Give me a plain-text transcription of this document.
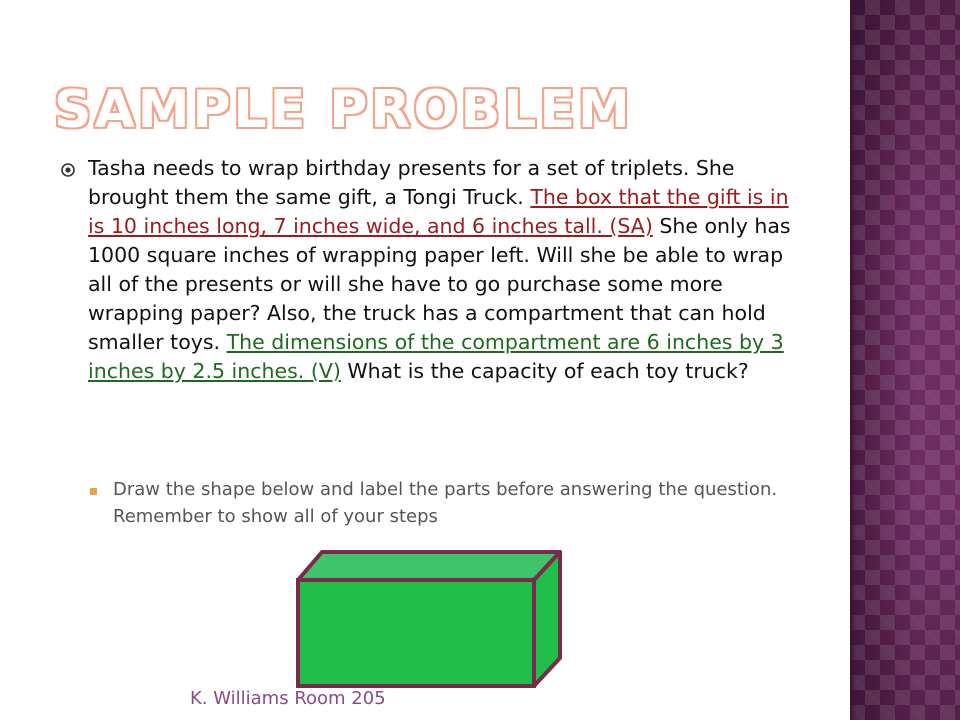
SAMPLE PROBLEM
Tasha needs to wrap birthday presents for a set of triplets. She brought them the same gift, a Tongi Truck. The box that the gift is in is 10 inches long, 7 inches wide, and 6 inches tall. (SA) She only has 1000 square inches of wrapping paper left. Will she be able to wrap all of the presents or will she have to go purchase some more wrapping paper? Also, the truck has a compartment that can hold smaller toys. The dimensions of the compartment are 6 inches by 3 inches by 2.5 inches. (V) What is the capacity of each toy truck?
Draw the shape below and label the parts before answering the question. Remember to show all of your steps
K. Williams Room 205
